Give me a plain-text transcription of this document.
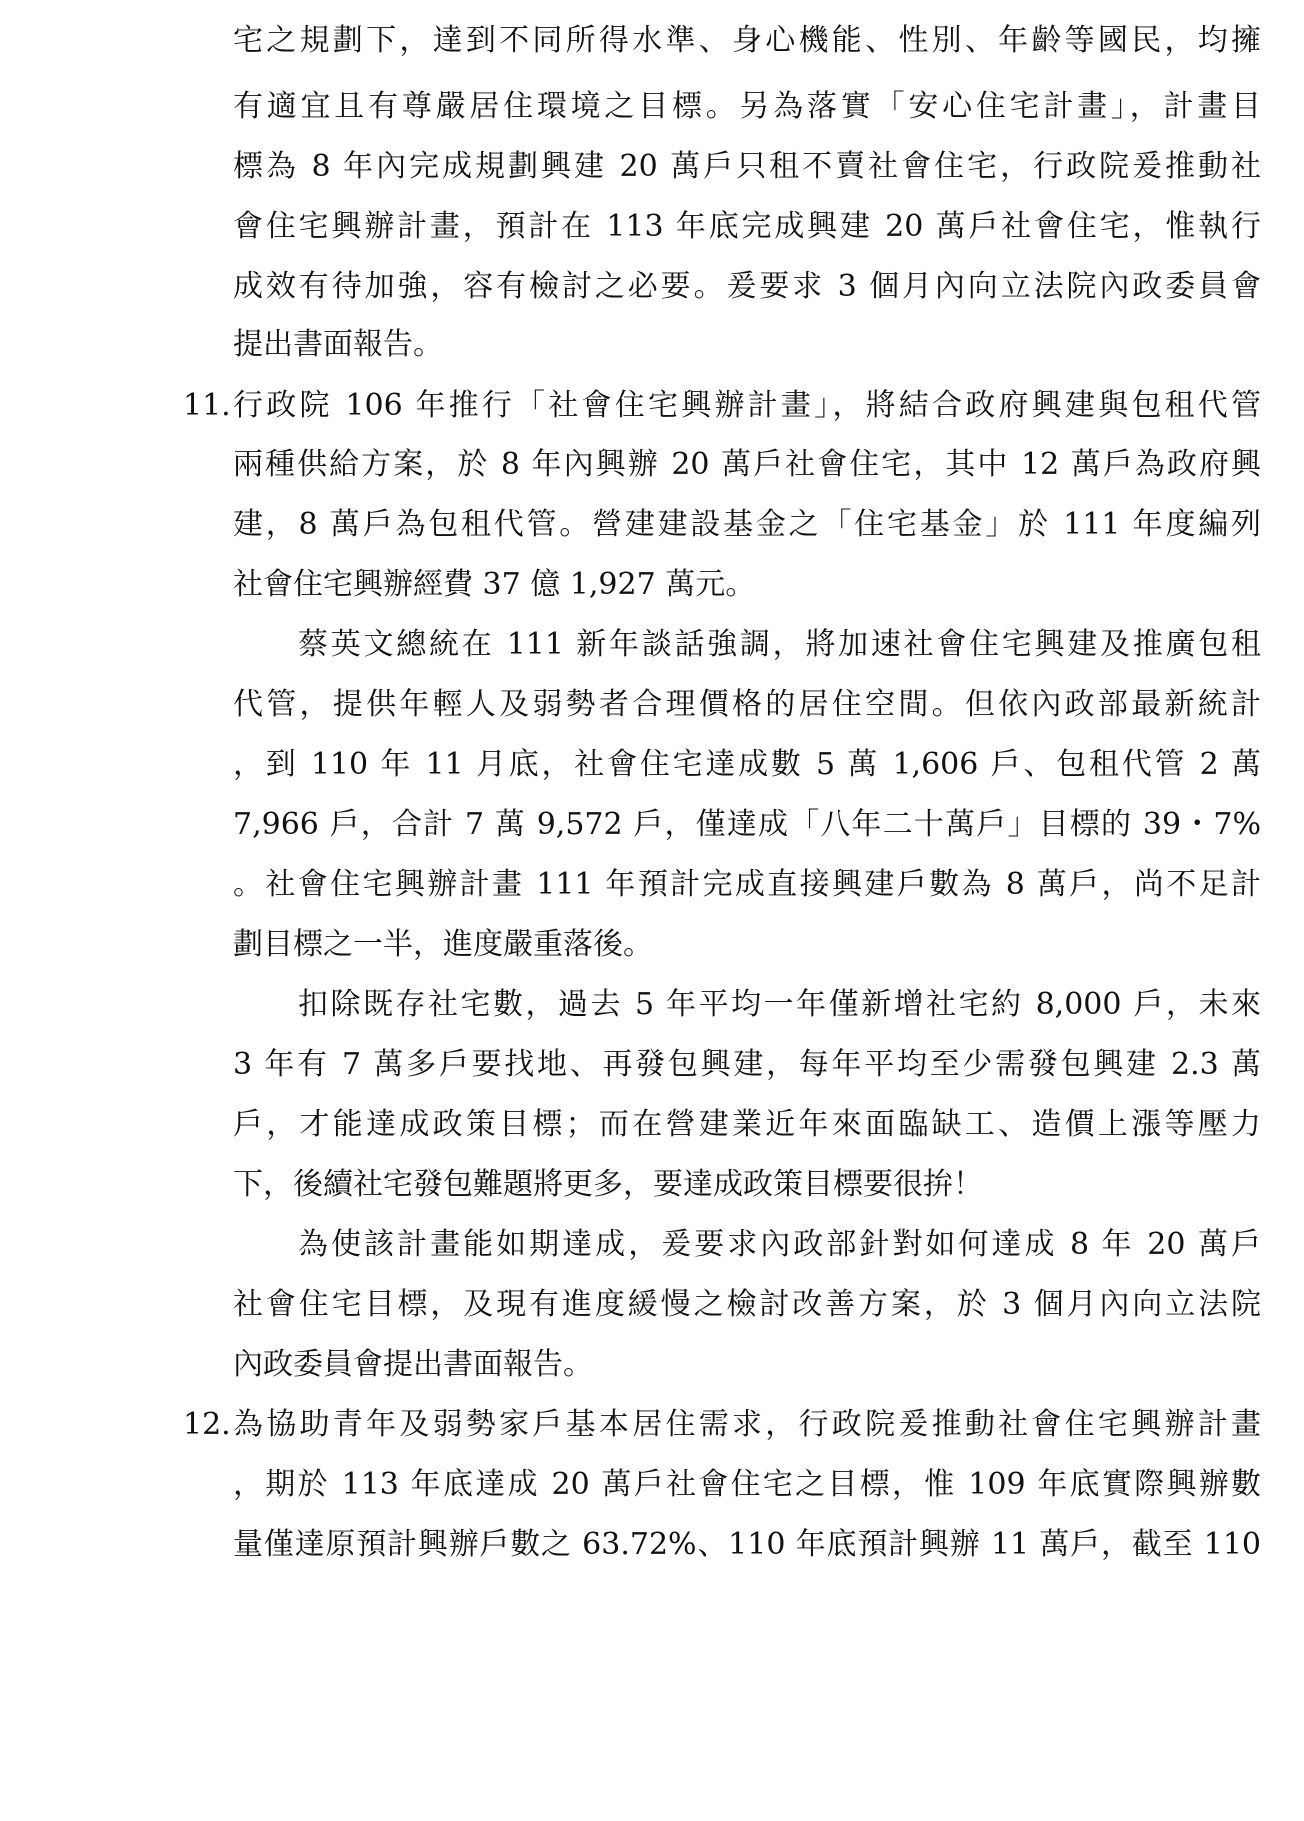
宅之規劃下，達到不同所得水準、身心機能、性別、年齡等國民，均擁
有適宜且有尊嚴居住環境之目標。另為落實「安心住宅計畫」，計畫目
標為 8 年內完成規劃興建 20 萬戶只租不賣社會住宅，行政院爰推動社
會住宅興辦計畫，預計在 113 年底完成興建 20 萬戶社會住宅，惟執行
成效有待加強，容有檢討之必要。爰要求 3 個月內向立法院內政委員會
提出書面報告。
11. 行政院 106 年推行「社會住宅興辦計畫」，將結合政府興建與包租代管
兩種供給方案，於 8 年內興辦 20 萬戶社會住宅，其中 12 萬戶為政府興
建，8 萬戶為包租代管。營建建設基金之「住宅基金」於 111 年度編列
社會住宅興辦經費 37 億 1,927 萬元。
蔡英文總統在 111 新年談話強調，將加速社會住宅興建及推廣包租
代管，提供年輕人及弱勢者合理價格的居住空間。但依內政部最新統計
，到 110 年 11 月底，社會住宅達成數 5 萬 1,606 戶、包租代管 2 萬
7,966 戶，合計 7 萬 9,572 戶，僅達成「八年二十萬戶」目標的 39・7%
。社會住宅興辦計畫 111 年預計完成直接興建戶數為 8 萬戶，尚不足計
劃目標之一半，進度嚴重落後。
扣除既存社宅數，過去 5 年平均一年僅新增社宅約 8,000 戶，未來
3 年有 7 萬多戶要找地、再發包興建，每年平均至少需發包興建 2.3 萬
戶，才能達成政策目標；而在營建業近年來面臨缺工、造價上漲等壓力
下，後續社宅發包難題將更多，要達成政策目標要很拚！
為使該計畫能如期達成，爰要求內政部針對如何達成 8 年 20 萬戶
社會住宅目標，及現有進度緩慢之檢討改善方案，於 3 個月內向立法院
內政委員會提出書面報告。
12. 為協助青年及弱勢家戶基本居住需求，行政院爰推動社會住宅興辦計畫
，期於 113 年底達成 20 萬戶社會住宅之目標，惟 109 年底實際興辦數
量僅達原預計興辦戶數之 63.72%、110 年底預計興辦 11 萬戶，截至 110
